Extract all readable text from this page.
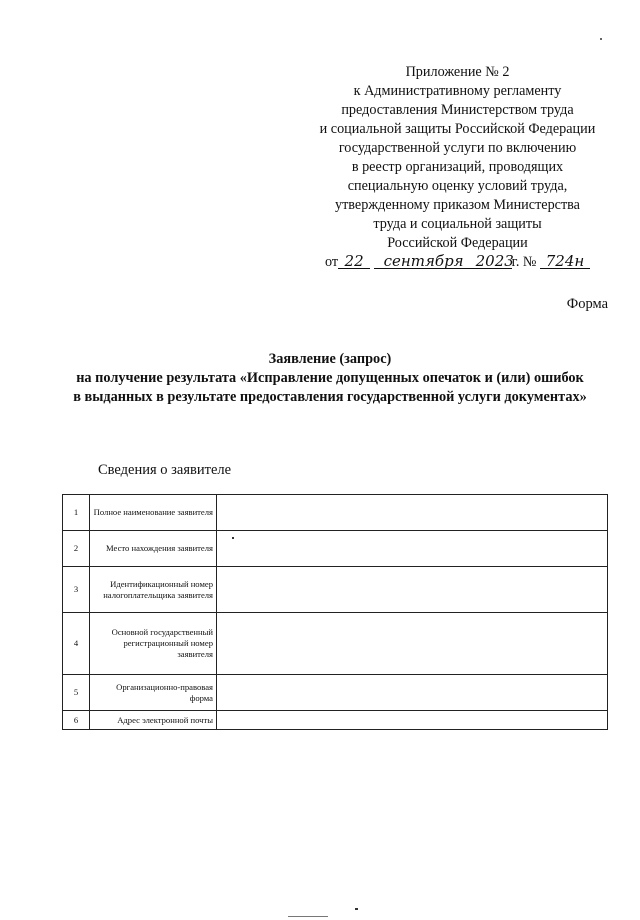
Приложение № 2
к Административному регламенту
предоставления Министерством труда
и социальной защиты Российской Федерации
государственной услуги по включению
в реестр организаций, проводящих
специальную оценку условий труда,
утвержденному приказом Министерства
труда и социальной защиты
Российской Федерации
от 22 сентября 2023г. № 724н
Форма
Заявление (запрос)
на получение результата «Исправление допущенных опечаток и (или) ошибок
в выданных в результате предоставления государственной услуги документах»
Сведения о заявителе
1	Полное наименование заявителя	
2	Место нахождения заявителя	
3	Идентификационный номер налогоплательщика заявителя	
4	Основной государственный регистрационный номер заявителя	
5	Организационно-правовая форма	
6	Адрес электронной почты	
